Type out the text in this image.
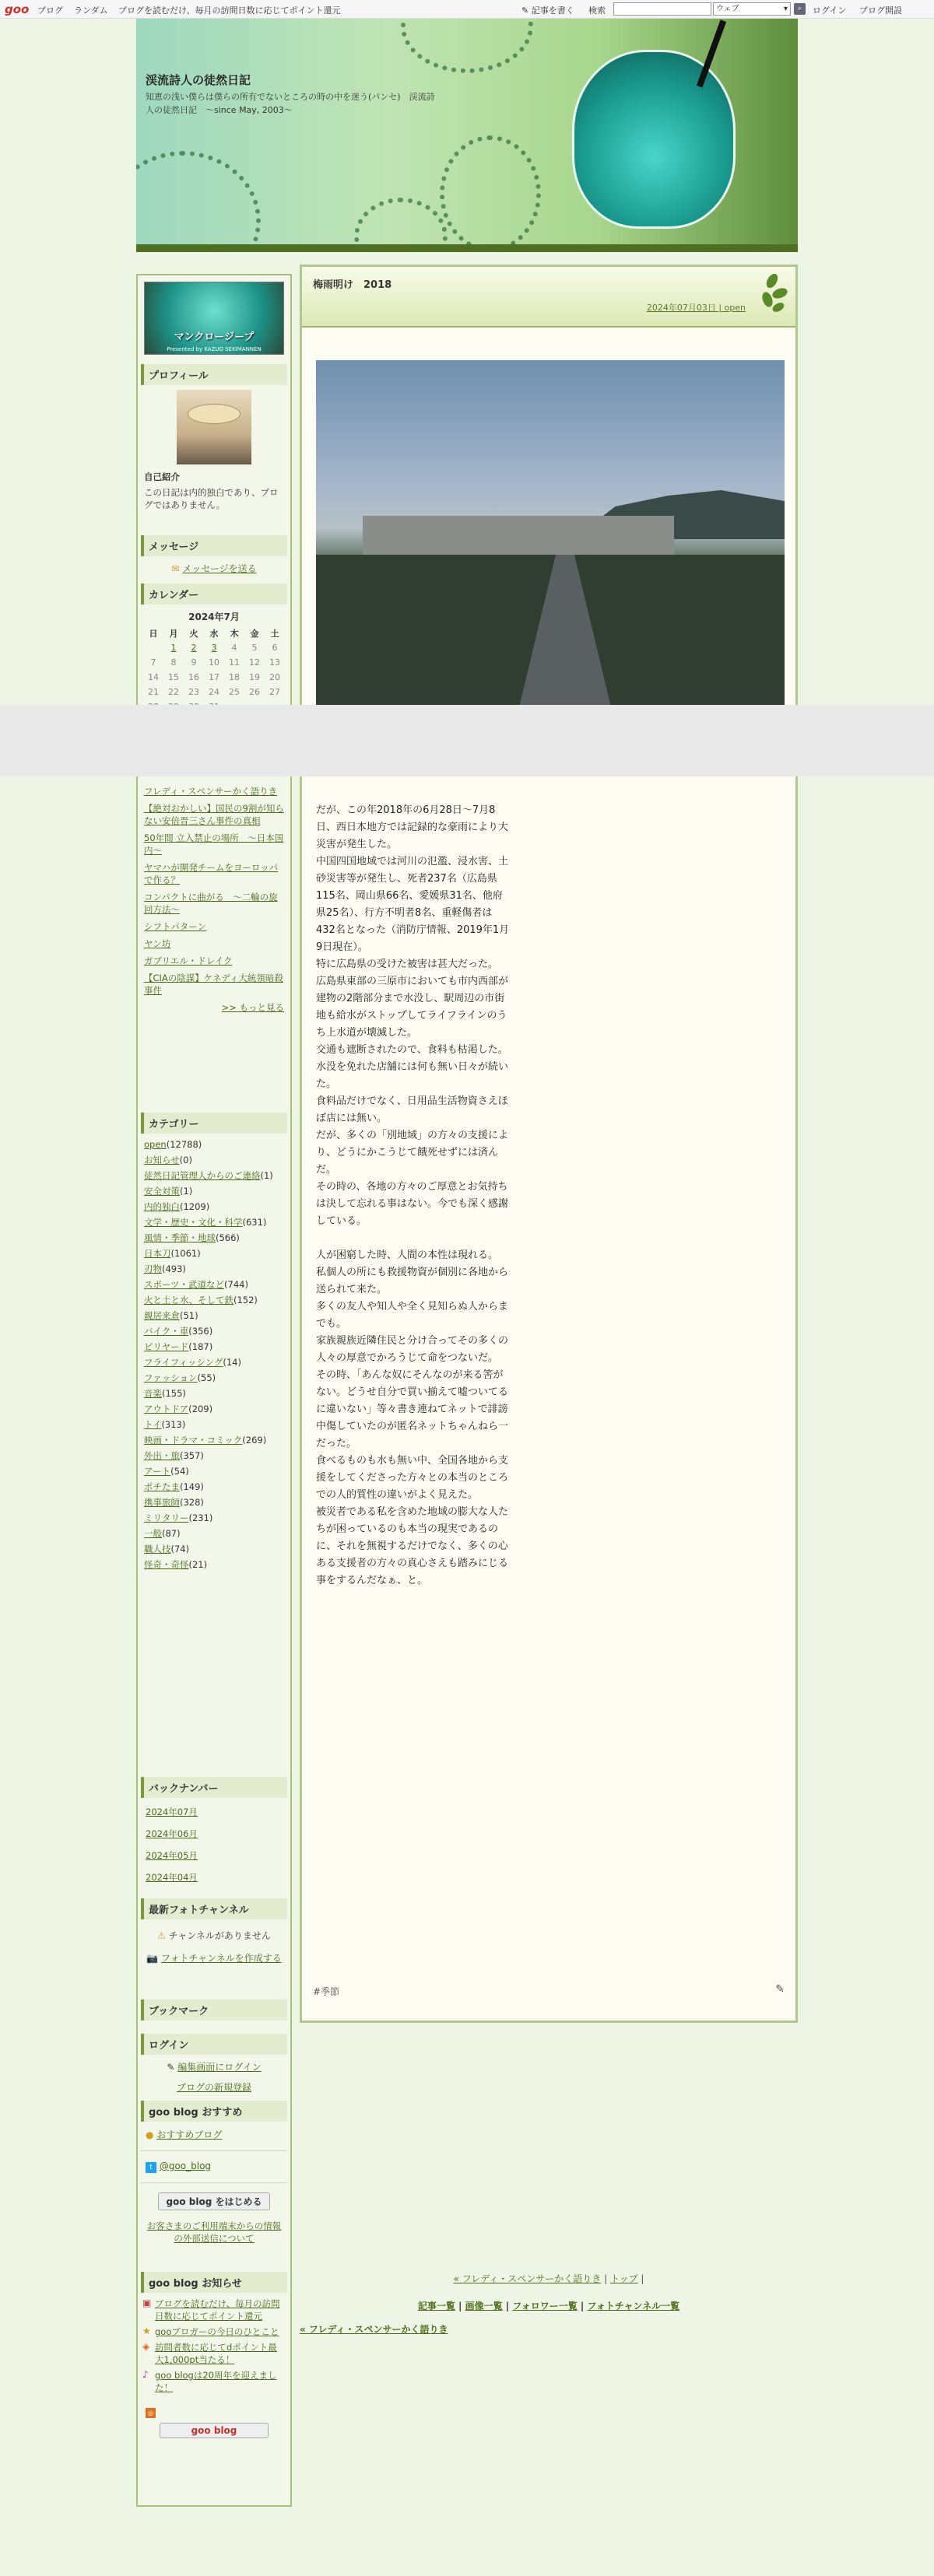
goo ブログ ランダム ブログを読むだけ、毎月の訪問日数に応じてポイント還元	✎ 記事を書く 検索	ウェブ	▾	⌕	ログイン ブログ開設
渓流詩人の徒然日記
知恵の浅い僕らは僕らの所有でないところの時の中を迷う(パンセ)　渓流詩人の徒然日記　～since May, 2003～
マンクロージープ
Presented by KAZUO SEKIMANNEN
プロフィール
自己紹介
この日記は内的独白であり、ブログではありません。
メッセージ
✉ メッセージを送る
カレンダー
2024年7月
日	月	火	水	木	金	土
	1	2	3	4	5	6
7	8	9	10	11	12	13
14	15	16	17	18	19	20
21	22	23	24	25	26	27

フレディ・スペンサーかく語りき
【絶対おかしい】国民の9割が知らない安倍晋三さん事件の真相
50年間 立入禁止の場所　～日本国内～
ヤマハが開発チームをヨーロッパで作る？
コンパクトに曲がる　～二輪の旋回方法～
シフトパターン
ヤン坊
ガブリエル・ドレイク
【CIAの陰謀】ケネディ大統領暗殺事件
>> もっと見る
カテゴリー
open(12788)
お知らせ(0)
徒然日記管理人からのご連絡(1)
安全対策(1)
内的独白(1209)
文学・歴史・文化・科学(631)
風情・季節・地球(566)
日本刀(1061)
刃物(493)
スポーツ・武道など(744)
火と土と水、そして鉄(152)
親居来倉(51)
バイク・車(356)
ビリヤード(187)
フライフィッシング(14)
ファッション(55)
音楽(155)
アウトドア(209)
トイ(313)
映画・ドラマ・コミック(269)
外出・旅(357)
アート(54)
ポチたま(149)
携事旅師(328)
ミリタリー(231)
一般(87)
職人技(74)
怪奇・奇怪(21)
バックナンバー
2024年07月
2024年06月
2024年05月
2024年04月
最新フォトチャンネル
⚠ チャンネルがありません
📷 フォトチャンネルを作成する
ブックマーク
ログイン
✎ 編集画面にログイン
ブログの新規登録
goo blog おすすめ
● おすすめブログ
t @goo_blog
goo blog をはじめる
お客さまのご利用端末からの情報の外部送信について
goo blog お知らせ
▣ ブログを読むだけ、毎月の訪問日数に応じてポイント還元
★ gooブロガーの今日のひとこと
◈ 訪問者数に応じてdポイント最大1,000pt当たる！
♪ goo blogは20周年を迎えました！
◎
goo blog
梅雨明け　2018
2024年07月03日 | open

だが、この年2018年の6月28日～7月8日、西日本地方では記録的な豪雨により大災害が発生した。

中国四国地域では河川の氾濫、浸水害、土砂災害等が発生し、死者237名（広島県115名、岡山県66名、愛媛県31名、他府県25名）、行方不明者8名、重軽傷者は432名となった（消防庁情報、2019年1月9日現在）。

特に広島県の受けた被害は甚大だった。

広島県東部の三原市においても市内西部が建物の2階部分まで水没し、駅周辺の市街地も給水がストップしてライフラインのうち上水道が壊滅した。

交通も遮断されたので、食料も枯渇した。水没を免れた店舗には何も無い日々が続いた。

食料品だけでなく、日用品生活物資さえほぼ店には無い。

だが、多くの「別地域」の方々の支援により、どうにかこうじて餓死せずには済んだ。

その時の、各地の方々のご厚意とお気持ちは決して忘れる事はない。今でも深く感謝している。

人が困窮した時、人間の本性は現れる。

私個人の所にも救援物資が個別に各地から送られて来た。

多くの友人や知人や全く見知らぬ人からまでも。

家族親族近隣住民と分け合ってその多くの人々の厚意でかろうじて命をつないだ。

その時、「あんな奴にそんなのが来る筈がない。どうせ自分で買い揃えて嘘ついてるに違いない」等々書き連ねてネットで誹謗中傷していたのが匿名ネットちゃんねら一だった。

食べるものも水も無い中、全国各地から支援をしてくださった方々との本当のところでの人的質性の違いがよく見えた。

被災者である私を含めた地域の膨大な人たちが困っているのも本当の現実であるのに、それを無視するだけでなく、多くの心ある支援者の方々の真心さえも踏みにじる事をするんだなぁ、と。

#季節	✎
« フレディ・スペンサーかく語りき | トップ |
記事一覧 | 画像一覧 | フォロワー一覧 | フォトチャンネル一覧
« フレディ・スペンサーかく語りき
